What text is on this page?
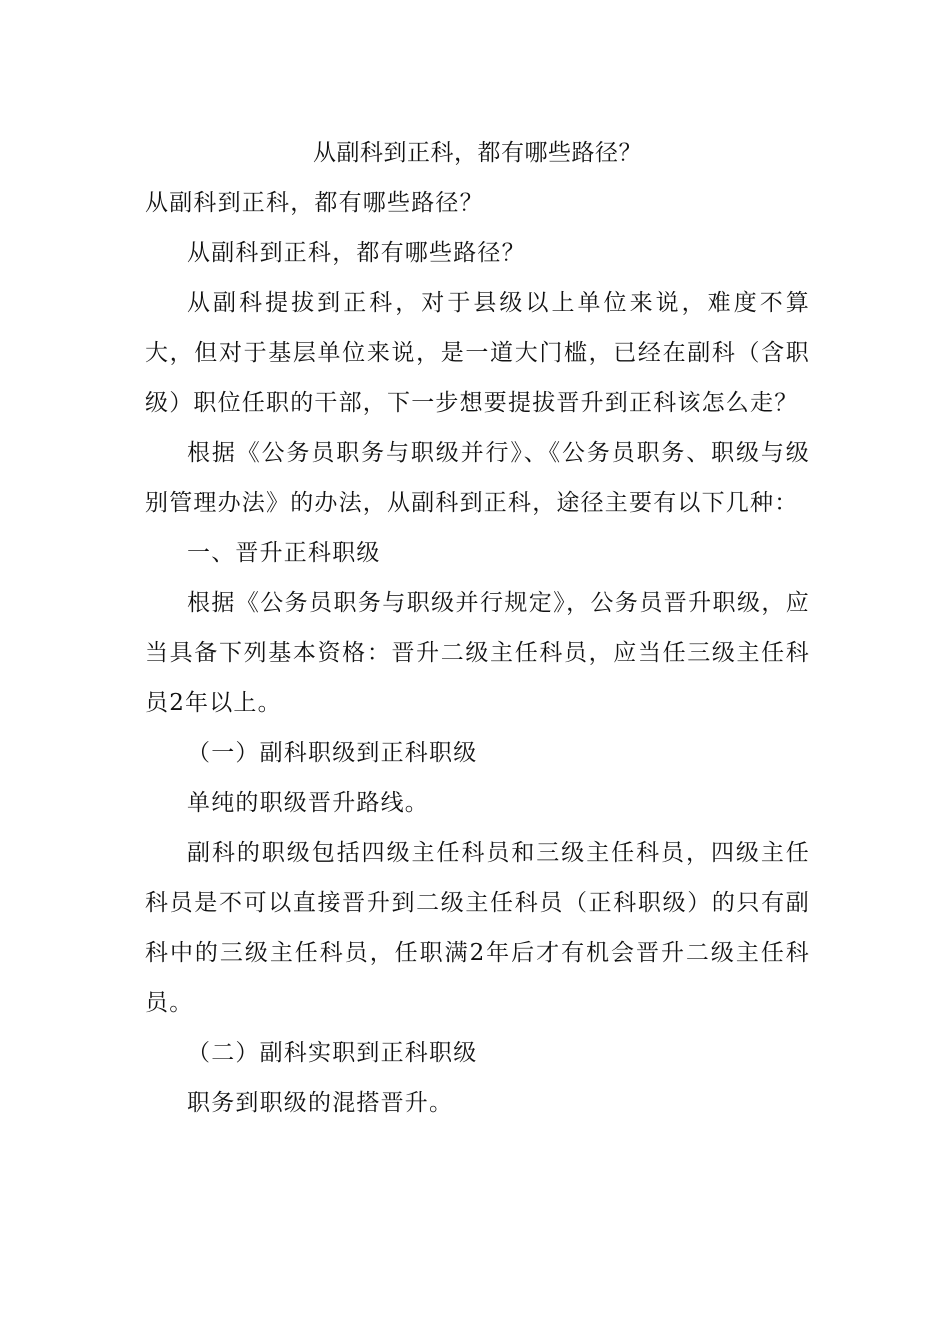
从副科到正科，都有哪些路径？

从副科到正科，都有哪些路径？

从副科到正科，都有哪些路径？

从副科提拔到正科，对于县级以上单位来说，难度不算大，但对于基层单位来说，是一道大门槛，已经在副科（含职级）职位任职的干部，下一步想要提拔晋升到正科该怎么走？

根据《公务员职务与职级并行》、《公务员职务、职级与级别管理办法》的办法，从副科到正科，途径主要有以下几种：

一、晋升正科职级

根据《公务员职务与职级并行规定》，公务员晋升职级，应当具备下列基本资格：晋升二级主任科员，应当任三级主任科员2年以上。

（一）副科职级到正科职级

单纯的职级晋升路线。

副科的职级包括四级主任科员和三级主任科员，四级主任科员是不可以直接晋升到二级主任科员（正科职级）的只有副科中的三级主任科员，任职满2年后才有机会晋升二级主任科员。

（二）副科实职到正科职级

职务到职级的混搭晋升。
